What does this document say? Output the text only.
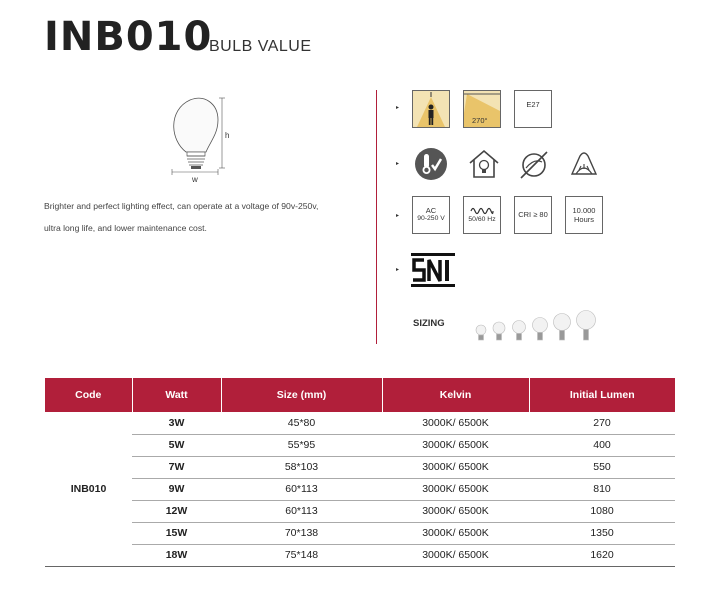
INB010
BULB VALUE
h
w
Brighter and perfect lighting effect, can operate at a voltage of 90v-250v,
ultra long life, and lower maintenance cost.
▸
▸
▸
▸
270°
E27
AC
90-250 V	50/60 Hz	CRI ≥ 80
10.000
Hours
SIZING
Code	Watt	Size (mm)	Kelvin	Initial Lumen
INB010	3W	45*80	3000K/ 6500K	270
	5W	55*95	3000K/ 6500K	400
	7W	58*103	3000K/ 6500K	550
	9W	60*113	3000K/ 6500K	810
	12W	60*113	3000K/ 6500K	1080
	15W	70*138	3000K/ 6500K	1350
	18W	75*148	3000K/ 6500K	1620
